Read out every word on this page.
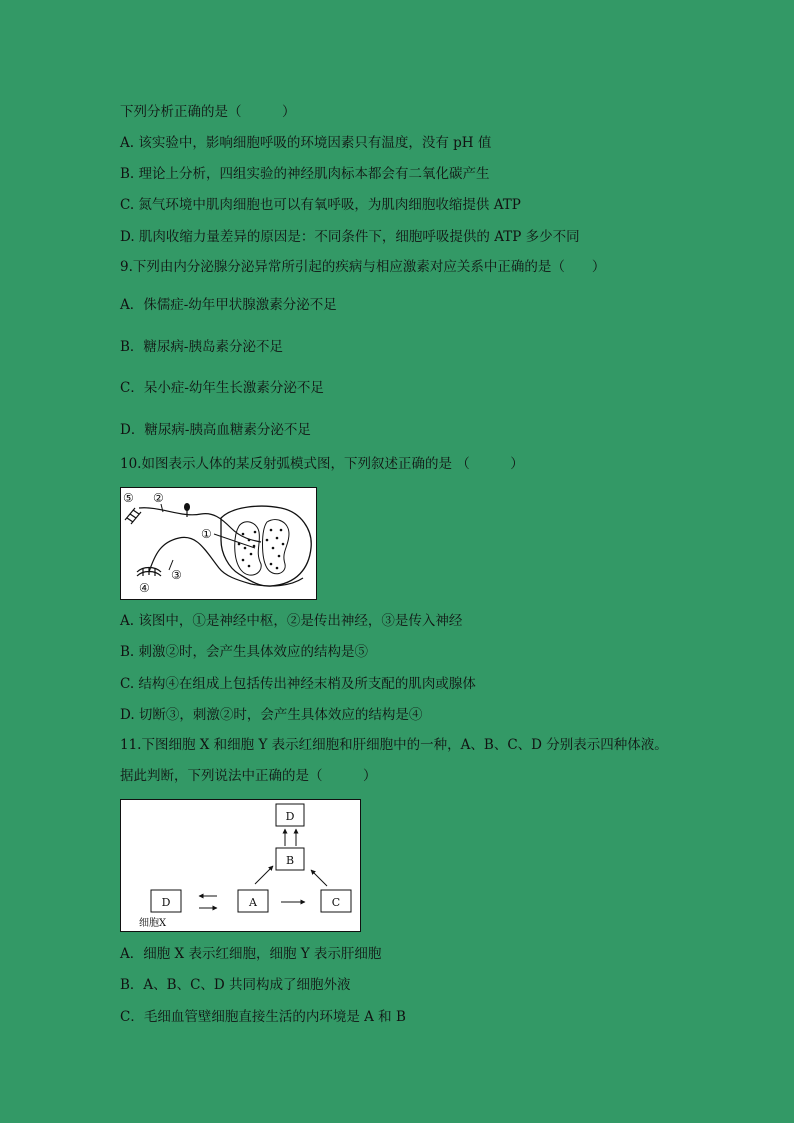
下列分析正确的是（　　　）
A. 该实验中，影响细胞呼吸的环境因素只有温度，没有 pH 值
B. 理论上分析，四组实验的神经肌肉标本都会有二氧化碳产生
C. 氮气环境中肌肉细胞也可以有氧呼吸，为肌肉细胞收缩提供 ATP
D. 肌肉收缩力量差异的原因是：不同条件下，细胞呼吸提供的 ATP 多少不同
9.下列由内分泌腺分泌异常所引起的疾病与相应激素对应关系中正确的是（　　）
A．侏儒症-幼年甲状腺激素分泌不足
B．糖尿病-胰岛素分泌不足
C．呆小症-幼年生长激素分泌不足
D．糖尿病-胰高血糖素分泌不足
10.如图表示人体的某反射弧模式图，下列叙述正确的是 （　　　）
⑤ ②
①
③
④
A. 该图中，①是神经中枢，②是传出神经，③是传入神经
B. 刺激②时，会产生具体效应的结构是⑤
C. 结构④在组成上包括传出神经末梢及所支配的肌肉或腺体
D. 切断③，刺激②时，会产生具体效应的结构是④
11.下图细胞 X 和细胞 Y 表示红细胞和肝细胞中的一种，A、B、C、D 分别表示四种体液。
据此判断，下列说法中正确的是（　　　）
D
B
D	A	C
细胞X
A．细胞 X 表示红细胞，细胞 Y 表示肝细胞
B．A、B、C、D 共同构成了细胞外液
C．毛细血管壁细胞直接生活的内环境是 A 和 B
